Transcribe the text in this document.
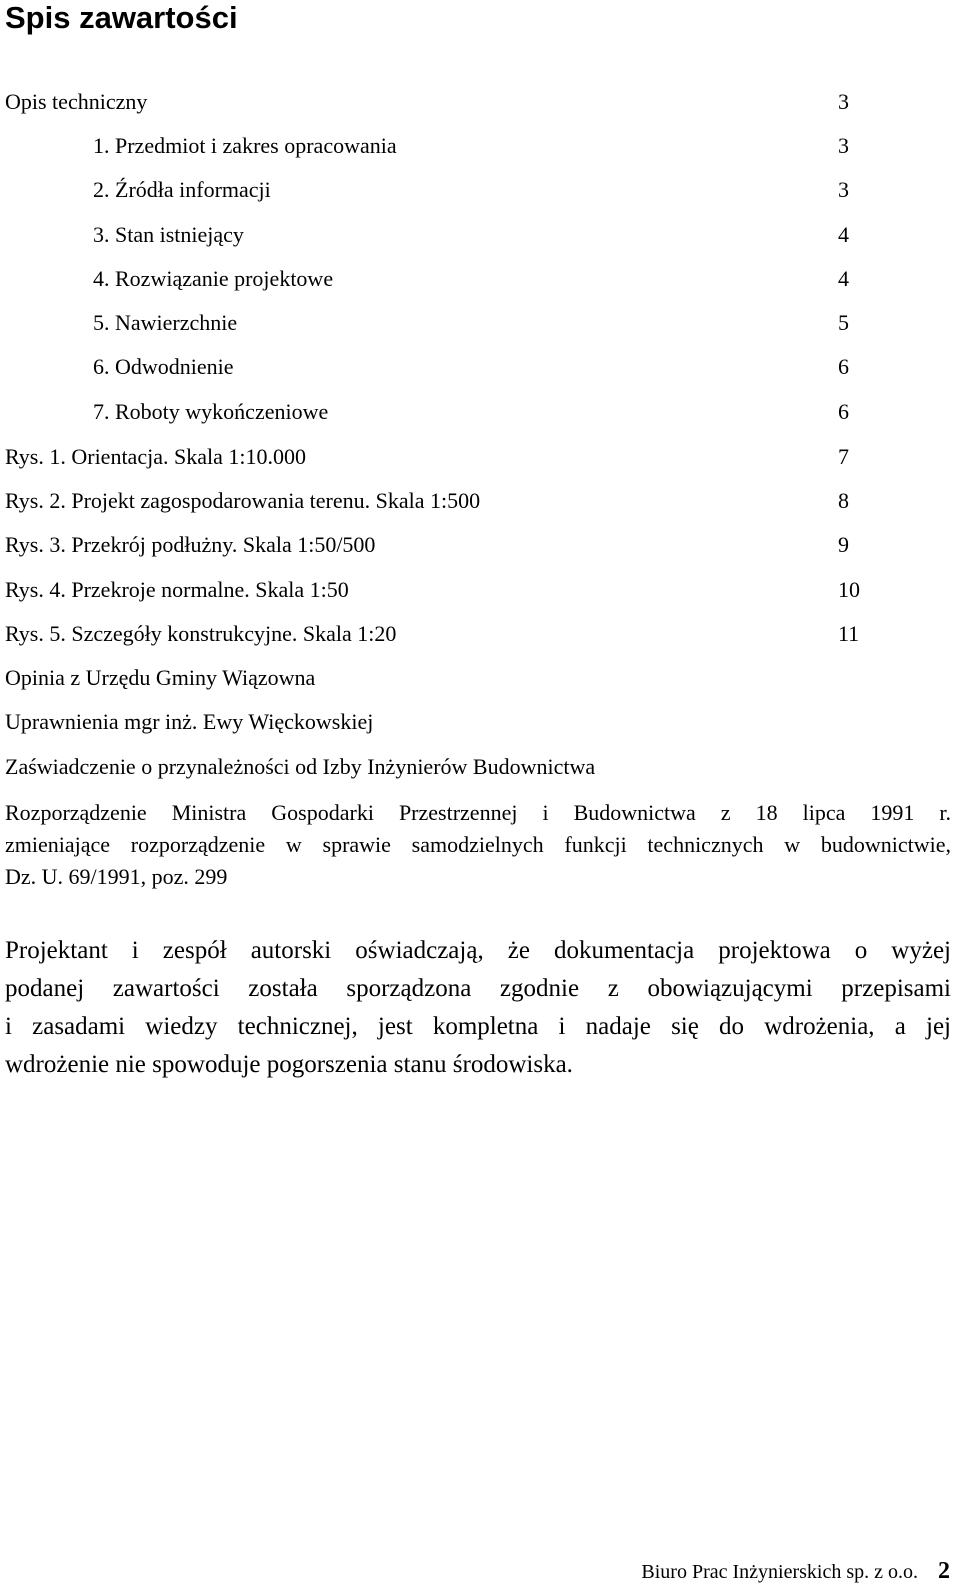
Spis zawartości
Opis techniczny	3
1. Przedmiot i zakres opracowania	3
2. Źródła informacji	3
3. Stan istniejący	4
4. Rozwiązanie projektowe	4
5. Nawierzchnie	5
6. Odwodnienie	6
7. Roboty wykończeniowe	6
Rys. 1. Orientacja. Skala 1:10.000	7
Rys. 2. Projekt zagospodarowania terenu. Skala 1:500	8
Rys. 3. Przekrój podłużny. Skala 1:50/500	9
Rys. 4. Przekroje normalne. Skala 1:50	10
Rys. 5. Szczegóły konstrukcyjne. Skala 1:20	11
Opinia z Urzędu Gminy Wiązowna
Uprawnienia mgr inż. Ewy Więckowskiej
Zaświadczenie o przynależności od Izby Inżynierów Budownictwa
Rozporządzenie Ministra Gospodarki Przestrzennej i Budownictwa z 18 lipca 1991 r.
zmieniające rozporządzenie w sprawie samodzielnych funkcji technicznych w budownictwie,
Dz. U. 69/1991, poz. 299
Projektant i zespół autorski oświadczają, że dokumentacja projektowa o wyżej
podanej zawartości została sporządzona zgodnie z obowiązującymi przepisami
i zasadami wiedzy technicznej, jest kompletna i nadaje się do wdrożenia, a jej
wdrożenie nie spowoduje pogorszenia stanu środowiska.
Biuro Prac Inżynierskich sp. z o.o. 2
